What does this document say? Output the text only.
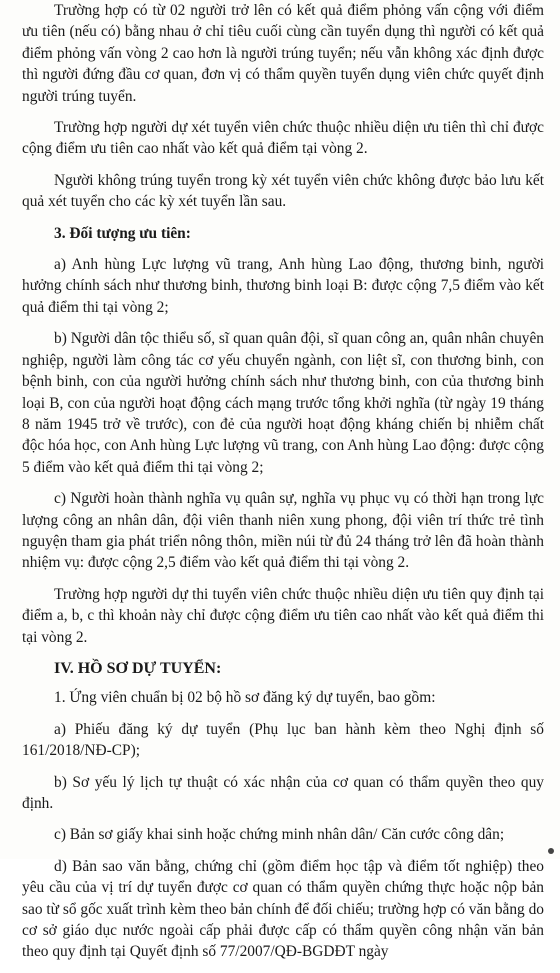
Trường hợp có từ 02 người trở lên có kết quả điểm phỏng vấn cộng với điểm ưu tiên (nếu có) bằng nhau ở chỉ tiêu cuối cùng cần tuyển dụng thì người có kết quả điểm phỏng vấn vòng 2 cao hơn là người trúng tuyển; nếu vẫn không xác định được thì người đứng đầu cơ quan, đơn vị có thẩm quyền tuyển dụng viên chức quyết định người trúng tuyển.

Trường hợp người dự xét tuyển viên chức thuộc nhiều diện ưu tiên thì chỉ được cộng điểm ưu tiên cao nhất vào kết quả điểm tại vòng 2.

Người không trúng tuyển trong kỳ xét tuyển viên chức không được bảo lưu kết quả xét tuyển cho các kỳ xét tuyển lần sau.

3. Đối tượng ưu tiên:

a) Anh hùng Lực lượng vũ trang, Anh hùng Lao động, thương binh, người hưởng chính sách như thương binh, thương binh loại B: được cộng 7,5 điểm vào kết quả điểm thi tại vòng 2;

b) Người dân tộc thiểu số, sĩ quan quân đội, sĩ quan công an, quân nhân chuyên nghiệp, người làm công tác cơ yếu chuyển ngành, con liệt sĩ, con thương binh, con bệnh binh, con của người hưởng chính sách như thương binh, con của thương binh loại B, con của người hoạt động cách mạng trước tổng khởi nghĩa (từ ngày 19 tháng 8 năm 1945 trở về trước), con đẻ của người hoạt động kháng chiến bị nhiễm chất độc hóa học, con Anh hùng Lực lượng vũ trang, con Anh hùng Lao động: được cộng 5 điểm vào kết quả điểm thi tại vòng 2;

c) Người hoàn thành nghĩa vụ quân sự, nghĩa vụ phục vụ có thời hạn trong lực lượng công an nhân dân, đội viên thanh niên xung phong, đội viên trí thức trẻ tình nguyện tham gia phát triển nông thôn, miền núi từ đủ 24 tháng trở lên đã hoàn thành nhiệm vụ: được cộng 2,5 điểm vào kết quả điểm thi tại vòng 2.

Trường hợp người dự thi tuyển viên chức thuộc nhiều diện ưu tiên quy định tại điểm a, b, c thì khoản này chỉ được cộng điểm ưu tiên cao nhất vào kết quả điểm thi tại vòng 2.

IV. HỒ SƠ DỰ TUYỂN:

1. Ứng viên chuẩn bị 02 bộ hồ sơ đăng ký dự tuyển, bao gồm:

a) Phiếu đăng ký dự tuyển (Phụ lục ban hành kèm theo Nghị định số 161/2018/NĐ-CP);

b) Sơ yếu lý lịch tự thuật có xác nhận của cơ quan có thẩm quyền theo quy định.

c) Bản sơ giấy khai sinh hoặc chứng minh nhân dân/ Căn cước công dân;

d) Bản sao văn bằng, chứng chỉ (gồm điểm học tập và điểm tốt nghiệp) theo yêu cầu của vị trí dự tuyển được cơ quan có thẩm quyền chứng thực hoặc nộp bản sao từ sổ gốc xuất trình kèm theo bản chính để đối chiếu; trường hợp có văn bằng do cơ sở giáo dục nước ngoài cấp phải được cấp có thẩm quyền công nhận văn bản theo quy định tại Quyết định số 77/2007/QĐ-BGDĐT ngày
